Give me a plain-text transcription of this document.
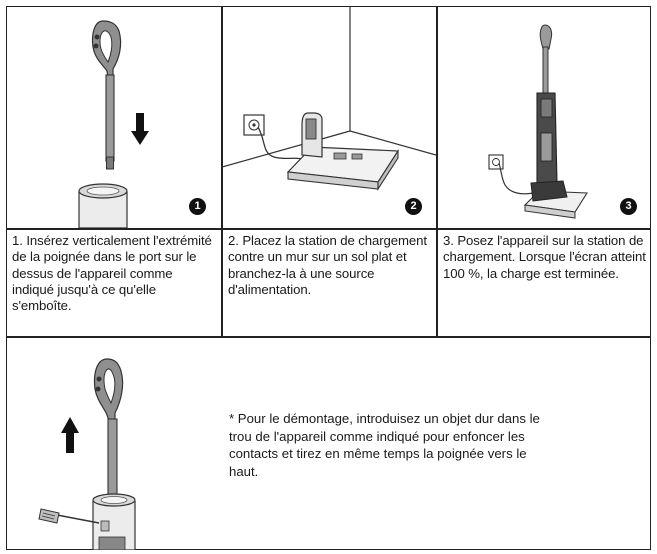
1	2	3
1. Insérez verticalement l'extrémité de la poignée dans le port sur le dessus de l'appareil comme indiqué jusqu'à ce qu'elle s'emboîte.
2. Placez la station de chargement contre un mur sur un sol plat et branchez-la à une source d'alimentation.
3. Posez l'appareil sur la station de chargement. Lorsque l'écran atteint 100 %, la charge est terminée.
* Pour le démontage, introduisez un objet dur dans le trou de l'appareil comme indiqué pour enfoncer les contacts et tirez en même temps la poignée vers le haut.
